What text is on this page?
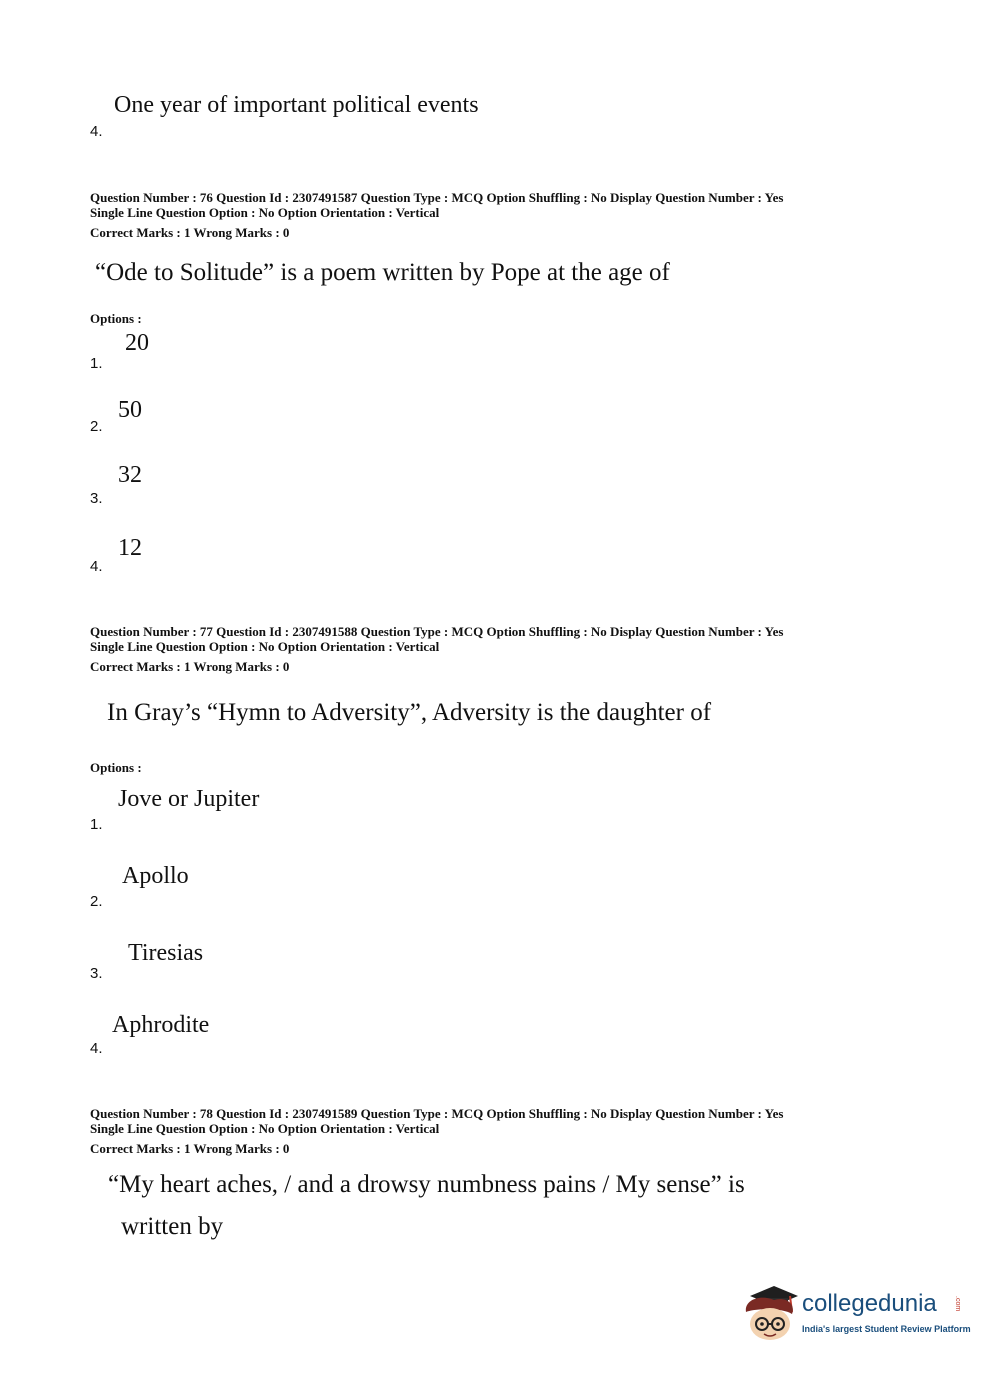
One year of important political events
4.
Question Number : 76 Question Id : 2307491587 Question Type : MCQ Option Shuffling : No Display Question Number : Yes
Single Line Question Option : No Option Orientation : Vertical
Correct Marks : 1 Wrong Marks : 0
“Ode to Solitude” is a poem written by Pope at the age of
Options :
20
1.
50
2.
32
3.
12
4.
Question Number : 77 Question Id : 2307491588 Question Type : MCQ Option Shuffling : No Display Question Number : Yes
Single Line Question Option : No Option Orientation : Vertical
Correct Marks : 1 Wrong Marks : 0
In Gray’s “Hymn to Adversity”, Adversity is the daughter of
Options :
Jove or Jupiter
1.
Apollo
2.
Tiresias
3.
Aphrodite
4.
Question Number : 78 Question Id : 2307491589 Question Type : MCQ Option Shuffling : No Display Question Number : Yes
Single Line Question Option : No Option Orientation : Vertical
Correct Marks : 1 Wrong Marks : 0
“My heart aches, / and a drowsy numbness pains / My sense” is
written by
collegedunia .com
India's largest Student Review Platform
